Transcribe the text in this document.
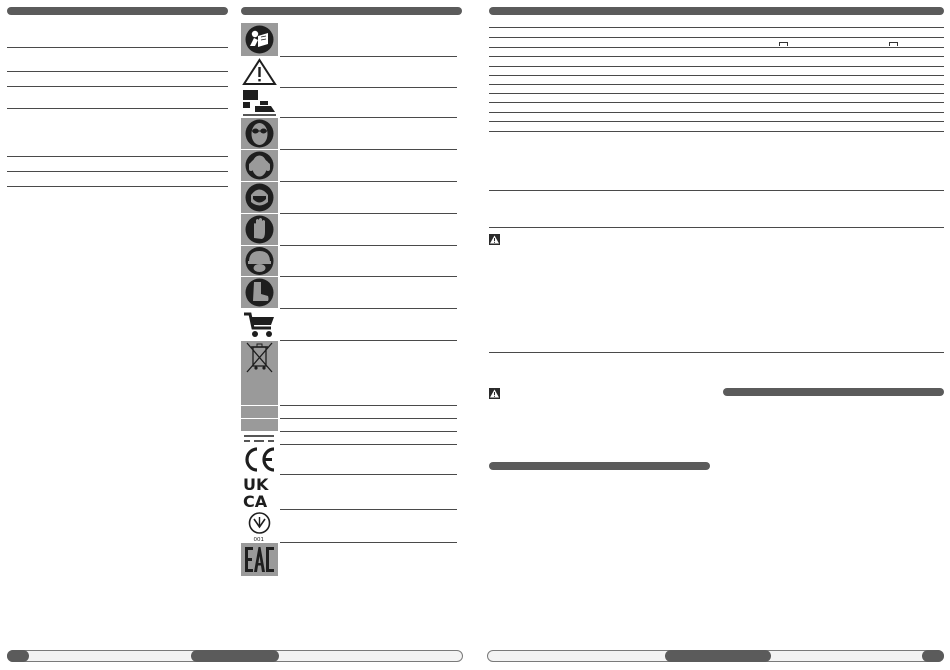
UK
CA
001
